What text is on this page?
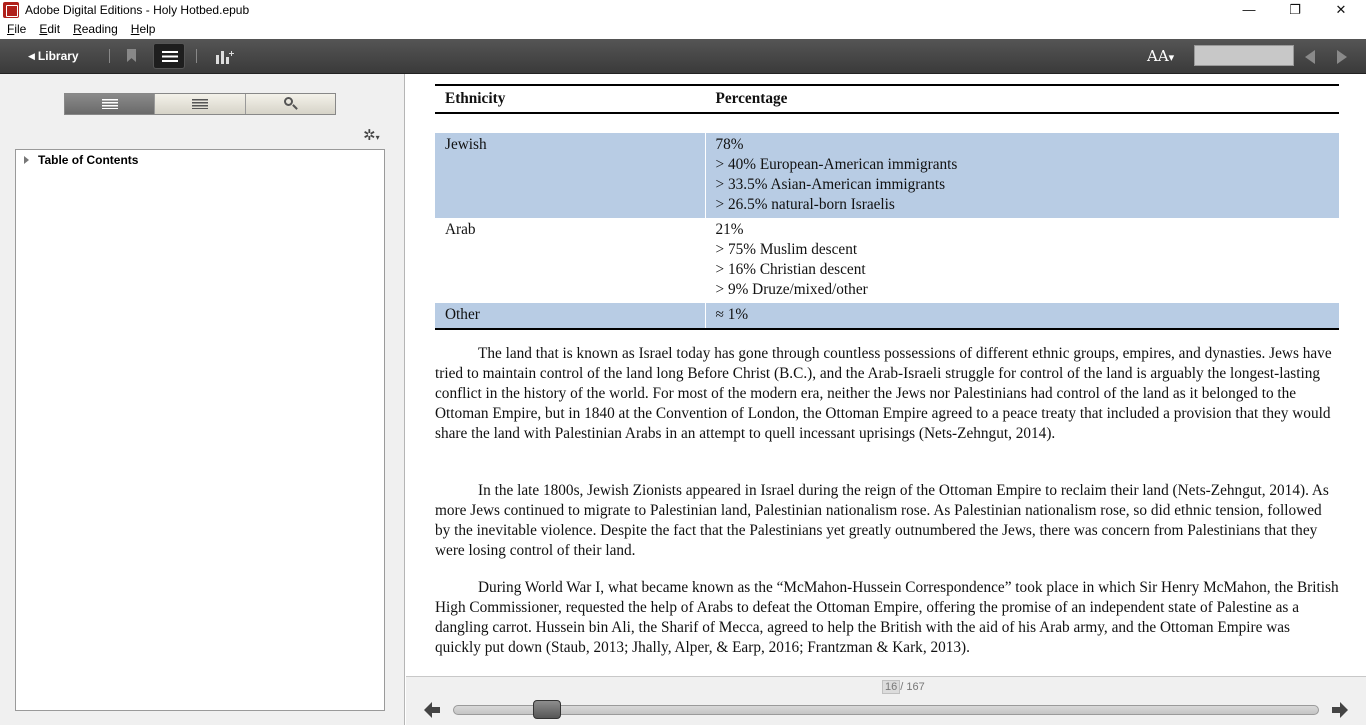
Adobe Digital Editions - Holy Hotbed.epub	—	❐	✕
File Edit Reading Help
◀ Library	AA▾
✲▾
Table of Contents
Ethnicity	Percentage

Jewish	78%
> 40% European-American immigrants
> 33.5% Asian-American immigrants
> 26.5% natural-born Israelis

Arab	21%
> 75% Muslim descent
> 16% Christian descent
> 9% Druze/mixed/other

Other	≈ 1%

The land that is known as Israel today has gone through countless possessions of different ethnic groups, empires, and dynasties. Jews have tried to maintain control of the land long Before Christ (B.C.), and the Arab-Israeli struggle for control of the land is arguably the longest-lasting conflict in the history of the world. For most of the modern era, neither the Jews nor Palestinians had control of the land as it belonged to the Ottoman Empire, but in 1840 at the Convention of London, the Ottoman Empire agreed to a peace treaty that included a provision that they would share the land with Palestinian Arabs in an attempt to quell incessant uprisings (Nets-Zehngut, 2014).

In the late 1800s, Jewish Zionists appeared in Israel during the reign of the Ottoman Empire to reclaim their land (Nets-Zehngut, 2014). As more Jews continued to migrate to Palestinian land, Palestinian nationalism rose. As Palestinian nationalism rose, so did ethnic tension, followed by the inevitable violence. Despite the fact that the Palestinians yet greatly outnumbered the Jews, there was concern from Palestinians that they were losing control of their land.

During World War I, what became known as the “McMahon-Hussein Correspondence” took place in which Sir Henry McMahon, the British High Commissioner, requested the help of Arabs to defeat the Ottoman Empire, offering the promise of an independent state of Palestine as a dangling carrot. Hussein bin Ali, the Sharif of Mecca, agreed to help the British with the aid of his Arab army, and the Ottoman Empire was quickly put down (Staub, 2013; Jhally, Alper, & Earp, 2016; Frantzman & Kark, 2013).

16 / 167
